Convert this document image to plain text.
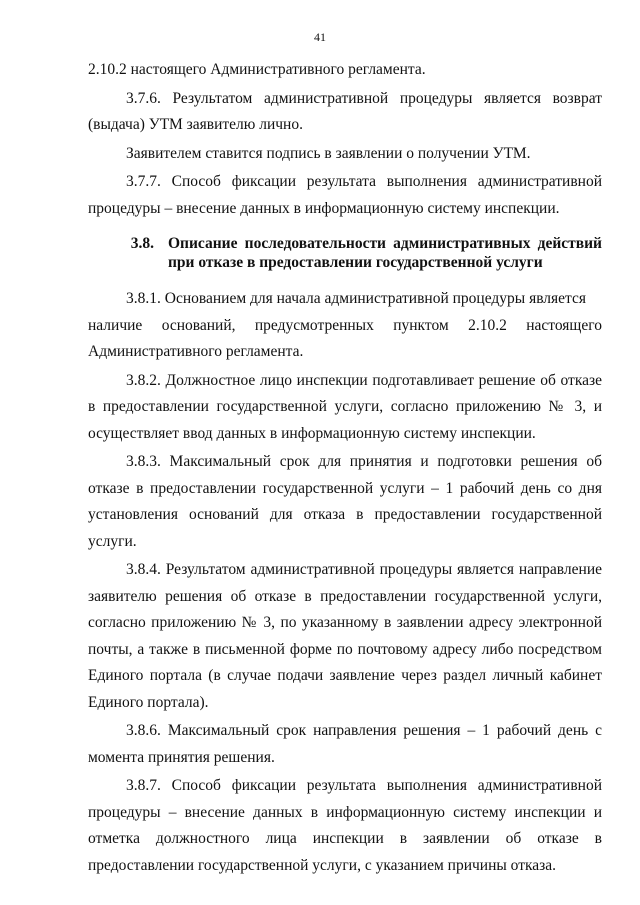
41

2.10.2 настоящего Административного регламента.

3.7.6. Результатом административной процедуры является возврат (выдача) УТМ заявителю лично.

Заявителем ставится подпись в заявлении о получении УТМ.

3.7.7. Способ фиксации результата выполнения административной процедуры – внесение данных в информационную систему инспекции.

3.8. Описание последовательности административных действий при отказе в предоставлении государственной услуги

3.8.1. Основанием для начала административной процедуры является

наличие оснований, предусмотренных пунктом 2.10.2 настоящего

Административного регламента.

3.8.2. Должностное лицо инспекции подготавливает решение об отказе в предоставлении государственной услуги, согласно приложению № 3, и осуществляет ввод данных в информационную систему инспекции.

3.8.3. Максимальный срок для принятия и подготовки решения об отказе в предоставлении государственной услуги – 1 рабочий день со дня установления оснований для отказа в предоставлении государственной услуги.

3.8.4. Результатом административной процедуры является направление заявителю решения об отказе в предоставлении государственной услуги, согласно приложению № 3, по указанному в заявлении адресу электронной почты, а также в письменной форме по почтовому адресу либо посредством Единого портала (в случае подачи заявление через раздел личный кабинет Единого портала).

3.8.6. Максимальный срок направления решения – 1 рабочий день с момента принятия решения.

3.8.7. Способ фиксации результата выполнения административной процедуры – внесение данных в информационную систему инспекции и отметка должностного лица инспекции в заявлении об отказе в предоставлении государственной услуги, с указанием причины отказа.
